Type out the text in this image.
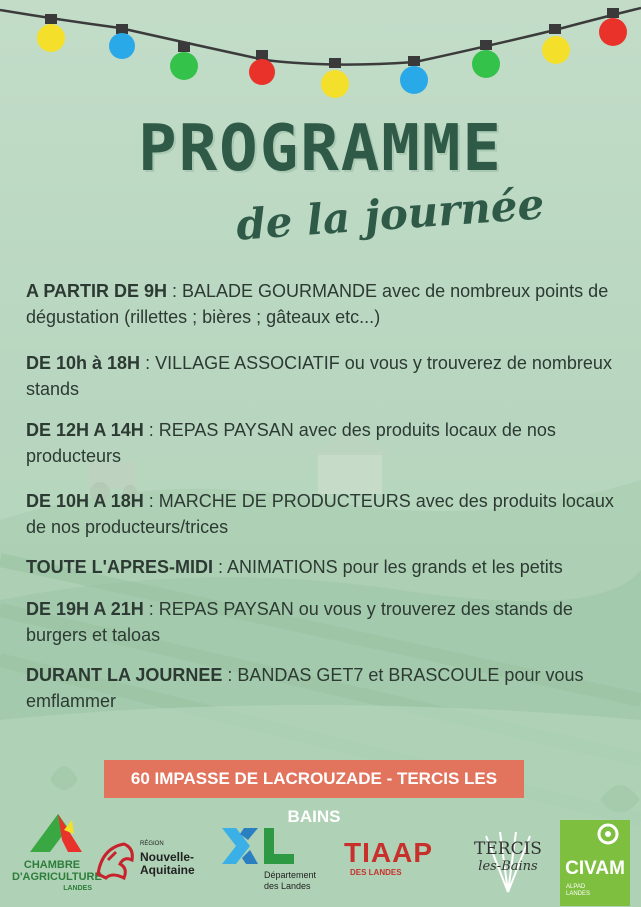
PROGRAMME
de la journée
A PARTIR DE 9H : BALADE GOURMANDE avec de nombreux points de dégustation (rillettes ; bières ; gâteaux etc...)
DE 10h à 18H : VILLAGE ASSOCIATIF ou vous y trouverez de nombreux stands
DE 12H A 14H : REPAS PAYSAN avec des produits locaux de nos producteurs
DE 10H A 18H : MARCHE DE PRODUCTEURS avec des produits locaux de nos producteurs/trices
TOUTE L'APRES-MIDI : ANIMATIONS pour les grands et les petits
DE 19H A 21H : REPAS PAYSAN ou vous y trouverez des stands de burgers et taloas
DURANT LA JOURNEE : BANDAS GET7 et BRASCOULE pour vous emflammer
60 IMPASSE DE LACROUZADE - TERCIS LES BAINS
CHAMBRE
D'AGRICULTURE
LANDES
RÉGION
Nouvelle-
Aquitaine	Département
des Landes
TIAAP
DES LANDES
TERCIS
les-Bains	CIVAM
ALPAD
LANDES
